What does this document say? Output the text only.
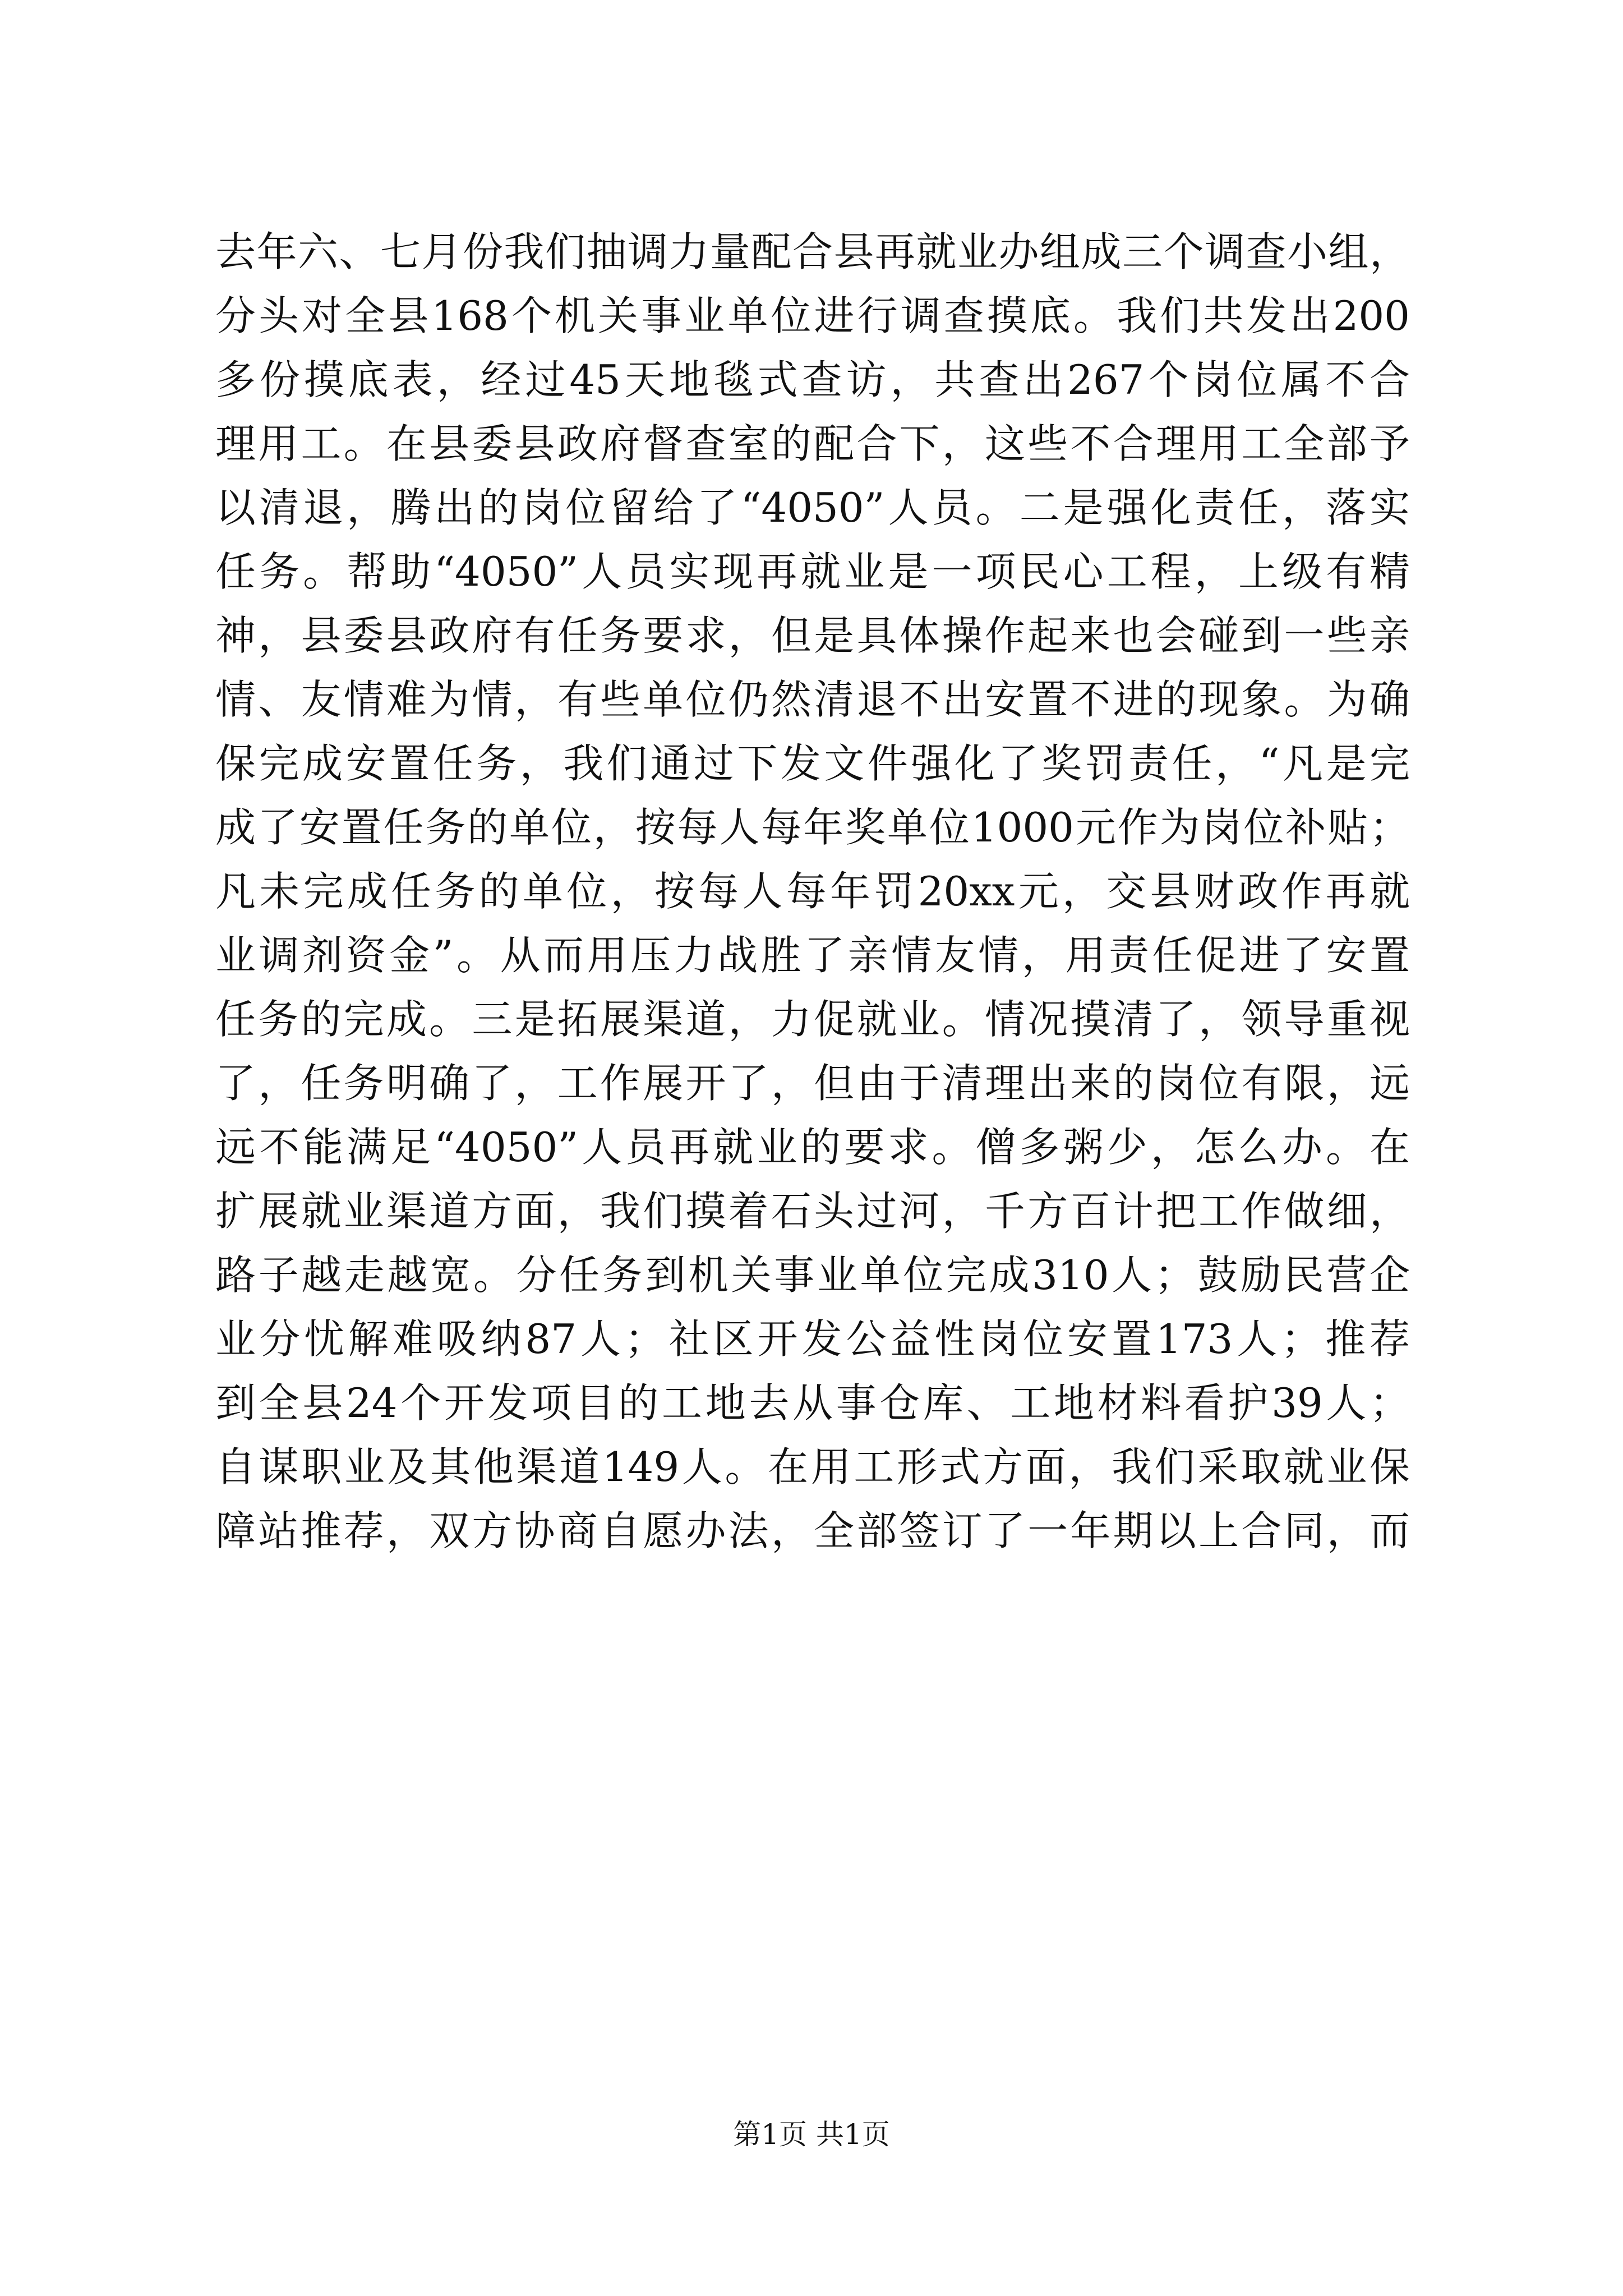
去年六、七月份我们抽调力量配合县再就业办组成三个调查小组，
分头对全县168个机关事业单位进行调查摸底。我们共发出200
多份摸底表，经过45天地毯式查访，共查出267个岗位属不合
理用工。在县委县政府督查室的配合下，这些不合理用工全部予
以清退，腾出的岗位留给了“4050”人员。二是强化责任，落实
任务。帮助“4050”人员实现再就业是一项民心工程，上级有精
神，县委县政府有任务要求，但是具体操作起来也会碰到一些亲
情、友情难为情，有些单位仍然清退不出安置不进的现象。为确
保完成安置任务，我们通过下发文件强化了奖罚责任，“凡是完
成了安置任务的单位，按每人每年奖单位1000元作为岗位补贴；
凡未完成任务的单位，按每人每年罚20xx元，交县财政作再就
业调剂资金”。从而用压力战胜了亲情友情，用责任促进了安置
任务的完成。三是拓展渠道，力促就业。情况摸清了，领导重视
了，任务明确了，工作展开了，但由于清理出来的岗位有限，远
远不能满足“4050”人员再就业的要求。僧多粥少，怎么办。在
扩展就业渠道方面，我们摸着石头过河，千方百计把工作做细，
路子越走越宽。分任务到机关事业单位完成310人；鼓励民营企
业分忧解难吸纳87人；社区开发公益性岗位安置173人；推荐
到全县24个开发项目的工地去从事仓库、工地材料看护39人；
自谋职业及其他渠道149人。在用工形式方面，我们采取就业保
障站推荐，双方协商自愿办法，全部签订了一年期以上合同，而
第1页 共1页
